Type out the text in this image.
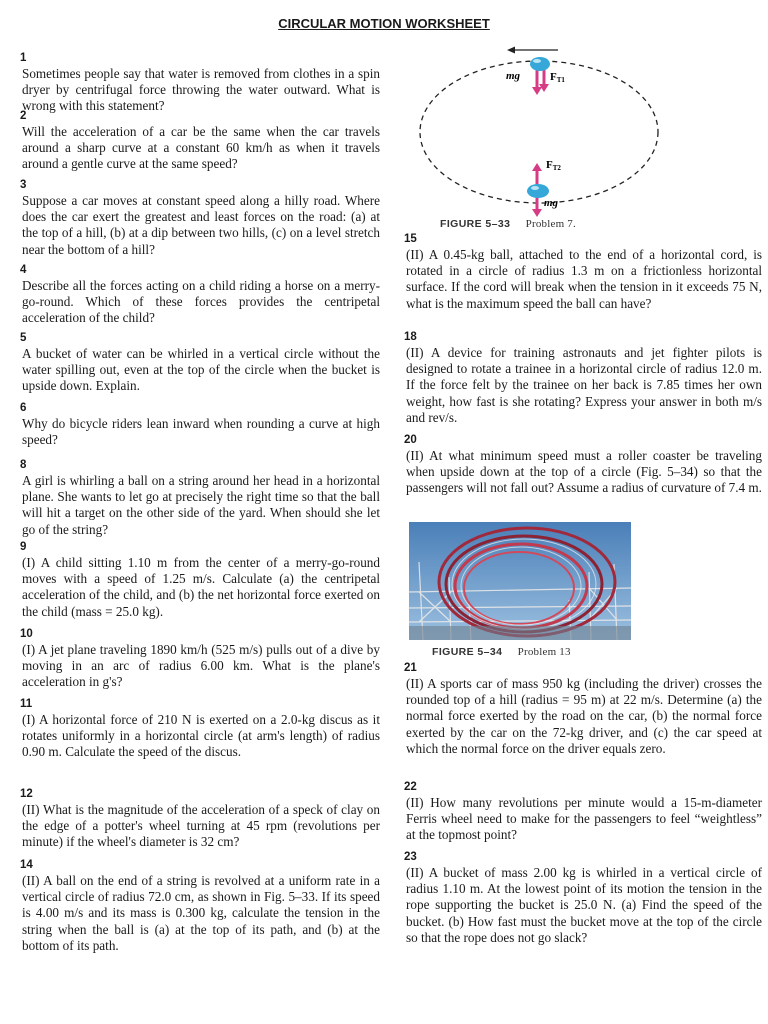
CIRCULAR MOTION WORKSHEET
1
Sometimes people say that water is removed from clothes in a spin dryer by centrifugal force throwing the water outward. What is wrong with this statement?
2
Will the acceleration of a car be the same when the car travels around a sharp curve at a constant 60 km/h as when it travels around a gentle curve at the same speed?
3
Suppose a car moves at constant speed along a hilly road. Where does the car exert the greatest and least forces on the road: (a) at the top of a hill, (b) at a dip between two hills, (c) on a level stretch near the bottom of a hill?
4
Describe all the forces acting on a child riding a horse on a merry-go-round. Which of these forces provides the centripetal acceleration of the child?
5
A bucket of water can be whirled in a vertical circle without the water spilling out, even at the top of the circle when the bucket is upside down. Explain.
6
Why do bicycle riders lean inward when rounding a curve at high speed?
8
A girl is whirling a ball on a string around her head in a horizontal plane. She wants to let go at precisely the right time so that the ball will hit a target on the other side of the yard. When should she let go of the string?
9
(I) A child sitting 1.10 m from the center of a merry-go-round moves with a speed of 1.25 m/s. Calculate (a) the centripetal acceleration of the child, and (b) the net horizontal force exerted on the child (mass = 25.0 kg).
10
(I) A jet plane traveling 1890 km/h (525 m/s) pulls out of a dive by moving in an arc of radius 6.00 km. What is the plane's acceleration in g's?
11
(I) A horizontal force of 210 N is exerted on a 2.0-kg discus as it rotates uniformly in a horizontal circle (at arm's length) of radius 0.90 m. Calculate the speed of the discus.
12
(II) What is the magnitude of the acceleration of a speck of clay on the edge of a potter's wheel turning at 45 rpm (revolutions per minute) if the wheel's diameter is 32 cm?
14
(II) A ball on the end of a string is revolved at a uniform rate in a vertical circle of radius 72.0 cm, as shown in Fig. 5–33. If its speed is 4.00 m/s and its mass is 0.300 kg, calculate the tension in the string when the ball is (a) at the top of its path, and (b) at the bottom of its path.
mg	FT1
FT2
mg
FIGURE 5–33 Problem 7.
15
(II) A 0.45-kg ball, attached to the end of a horizontal cord, is rotated in a circle of radius 1.3 m on a frictionless horizontal surface. If the cord will break when the tension in it exceeds 75 N, what is the maximum speed the ball can have?
18
(II) A device for training astronauts and jet fighter pilots is designed to rotate a trainee in a horizontal circle of radius 12.0 m. If the force felt by the trainee on her back is 7.85 times her own weight, how fast is she rotating? Express your answer in both m/s and rev/s.
20
(II) At what minimum speed must a roller coaster be traveling when upside down at the top of a circle (Fig. 5–34) so that the passengers will not fall out? Assume a radius of curvature of 7.4 m.
21
(II) A sports car of mass 950 kg (including the driver) crosses the rounded top of a hill (radius = 95 m) at 22 m/s. Determine (a) the normal force exerted by the road on the car, (b) the normal force exerted by the car on the 72-kg driver, and (c) the car speed at which the normal force on the driver equals zero.
22
(II) How many revolutions per minute would a 15-m-diameter Ferris wheel need to make for the passengers to feel “weightless” at the topmost point?
23
(II) A bucket of mass 2.00 kg is whirled in a vertical circle of radius 1.10 m. At the lowest point of its motion the tension in the rope supporting the bucket is 25.0 N. (a) Find the speed of the bucket. (b) How fast must the bucket move at the top of the circle so that the rope does not go slack?
FIGURE 5–34 Problem 13
